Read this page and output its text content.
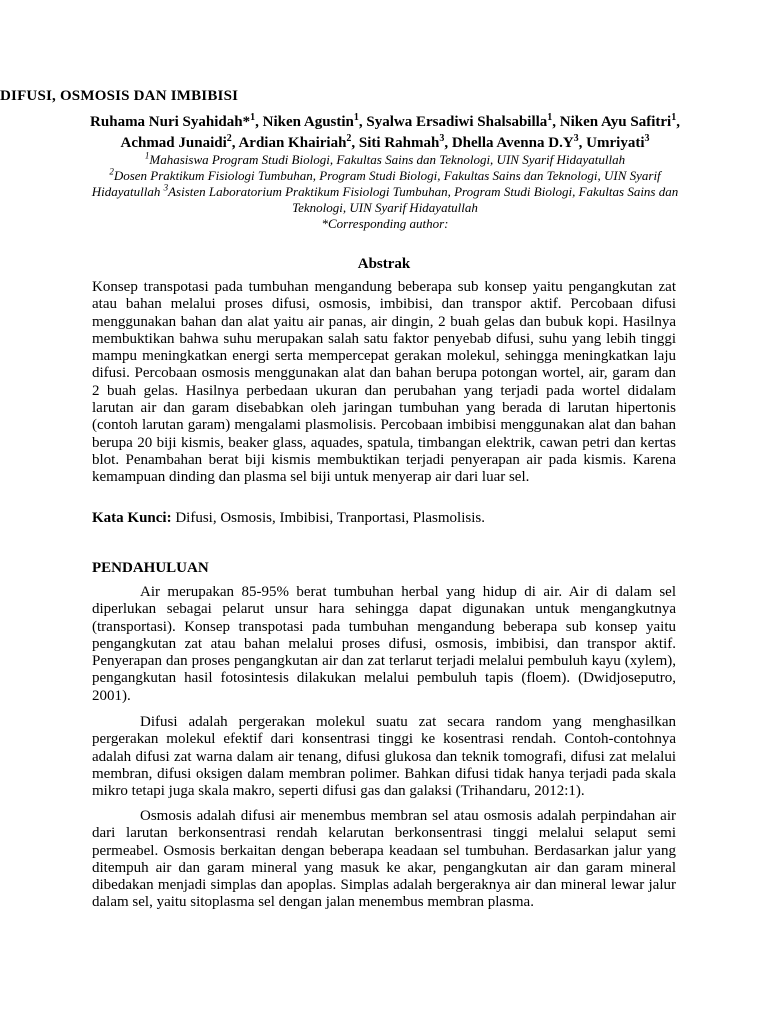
DIFUSI, OSMOSIS DAN IMBIBISI
Ruhama Nuri Syahidah*$^1$, Niken Agustin$^1$, Syalwa Ersadiwi Shalsabilla$^1$, Niken Ayu Safitri$^1$, Achmad Junaidi$^2$, Ardian Khairiah$^2$, Siti Rahmah$^3$, Dhella Avenna $D.Y^3$, Umriyati$^3$
$^1$Mahasiswa Program Studi Biologi, Fakultas Sains dan Teknologi, UIN Syarif Hidayatullah
$^2$Dosen Praktikum Fisiologi Tumbuhan, Program Studi Biologi, Fakultas Sains dan Teknologi, UIN Syarif Hidayatullah $^3$Asisten Laboratorium Praktikum Fisiologi Tumbuhan, Program Studi Biologi, Fakultas Sains dan Teknologi, UIN Syarif Hidayatullah
*Corresponding author:
Abstrak

Konsep transpotasi pada tumbuhan mengandung beberapa sub konsep yaitu pengangkutan zat atau bahan melalui proses difusi, osmosis, imbibisi, dan transpor aktif. Percobaan difusi menggunakan bahan dan alat yaitu air panas, air dingin, 2 buah gelas dan bubuk kopi. Hasilnya membuktikan bahwa suhu merupakan salah satu faktor penyebab difusi, suhu yang lebih tinggi mampu meningkatkan energi serta mempercepat gerakan molekul, sehingga meningkatkan laju difusi. Percobaan osmosis menggunakan alat dan bahan berupa potongan wortel, air, garam dan 2 buah gelas. Hasilnya perbedaan ukuran dan perubahan yang terjadi pada wortel didalam larutan air dan garam disebabkan oleh jaringan tumbuhan yang berada di larutan hipertonis (contoh larutan garam) mengalami plasmolisis. Percobaan imbibisi menggunakan alat dan bahan berupa 20 biji kismis, beaker glass, aquades, spatula, timbangan elektrik, cawan petri dan kertas blot. Penambahan berat biji kismis membuktikan terjadi penyerapan air pada kismis. Karena kemampuan dinding dan plasma sel biji untuk menyerap air dari luar sel.

Kata Kunci: Difusi, Osmosis, Imbibisi, Tranportasi, Plasmolisis.

PENDAHULUAN

Air merupakan 85-95% berat tumbuhan herbal yang hidup di air. Air di dalam sel diperlukan sebagai pelarut unsur hara sehingga dapat digunakan untuk mengangkutnya (transportasi). Konsep transpotasi pada tumbuhan mengandung beberapa sub konsep yaitu pengangkutan zat atau bahan melalui proses difusi, osmosis, imbibisi, dan transpor aktif. Penyerapan dan proses pengangkutan air dan zat terlarut terjadi melalui pembuluh kayu (xylem), pengangkutan hasil fotosintesis dilakukan melalui pembuluh tapis (floem). (Dwidjoseputro, 2001).

Difusi adalah pergerakan molekul suatu zat secara random yang menghasilkan pergerakan molekul efektif dari konsentrasi tinggi ke kosentrasi rendah. Contoh-contohnya adalah difusi zat warna dalam air tenang, difusi glukosa dan teknik tomografi, difusi zat melalui membran, difusi oksigen dalam membran polimer. Bahkan difusi tidak hanya terjadi pada skala mikro tetapi juga skala makro, seperti difusi gas dan galaksi (Trihandaru, 2012:1).

Osmosis adalah difusi air menembus membran sel atau osmosis adalah perpindahan air dari larutan berkonsentrasi rendah kelarutan berkonsentrasi tinggi melalui selaput semi permeabel. Osmosis berkaitan dengan beberapa keadaan sel tumbuhan. Berdasarkan jalur yang ditempuh air dan garam mineral yang masuk ke akar, pengangkutan air dan garam mineral dibedakan menjadi simplas dan apoplas. Simplas adalah bergeraknya air dan mineral lewar jalur dalam sel, yaitu sitoplasma sel dengan jalan menembus membran plasma.
